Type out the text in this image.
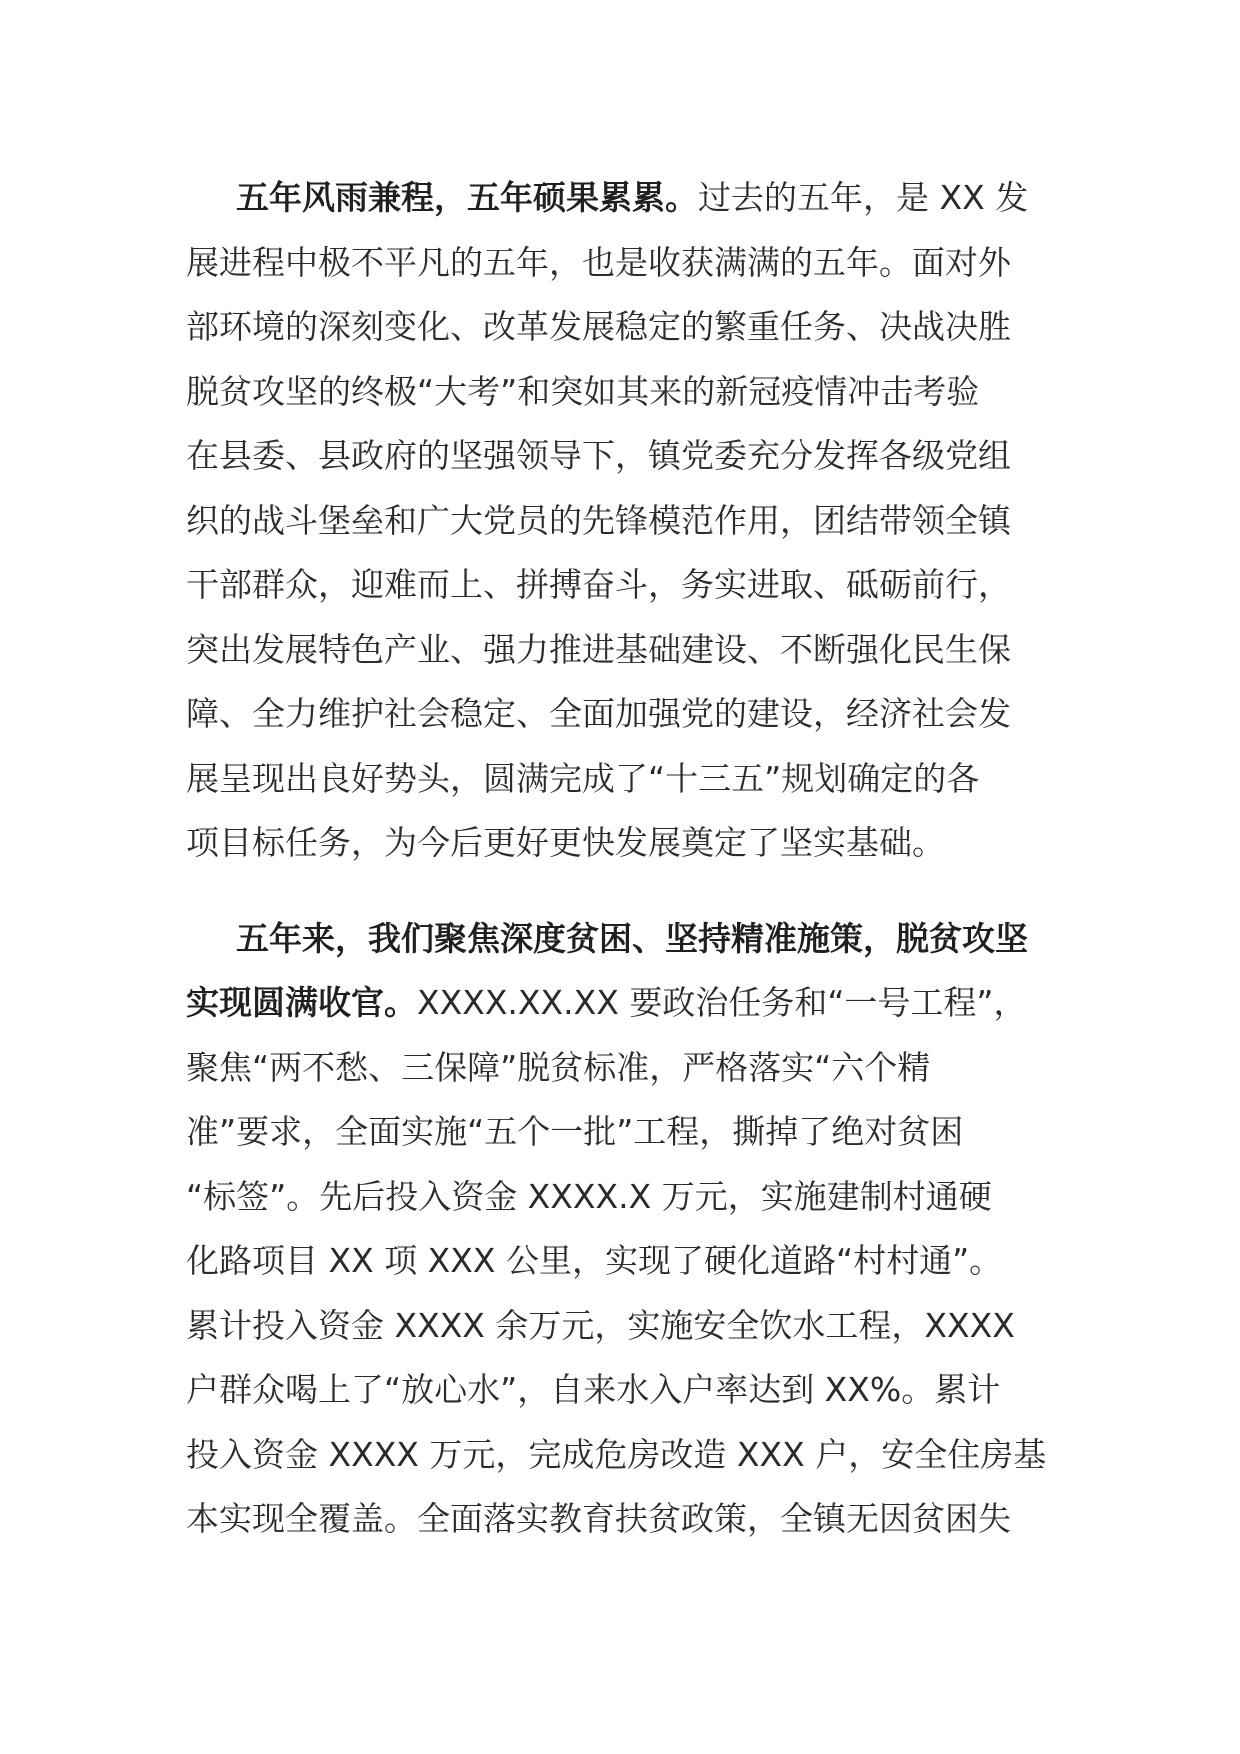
五年风雨兼程，五年硕果累累。过去的五年，是 XX 发
展进程中极不平凡的五年，也是收获满满的五年。面对外
部环境的深刻变化、改革发展稳定的繁重任务、决战决胜
脱贫攻坚的终极“大考”和突如其来的新冠疫情冲击考验
在县委、县政府的坚强领导下，镇党委充分发挥各级党组
织的战斗堡垒和广大党员的先锋模范作用，团结带领全镇
干部群众，迎难而上、拼搏奋斗，务实进取、砥砺前行，
突出发展特色产业、强力推进基础建设、不断强化民生保
障、全力维护社会稳定、全面加强党的建设，经济社会发
展呈现出良好势头，圆满完成了“十三五”规划确定的各
项目标任务，为今后更好更快发展奠定了坚实基础。
五年来，我们聚焦深度贫困、坚持精准施策，脱贫攻坚
实现圆满收官。XXXX.XX.XX 要政治任务和“一号工程”，
聚焦“两不愁、三保障”脱贫标准，严格落实“六个精
准”要求，全面实施“五个一批”工程，撕掉了绝对贫困
“标签”。先后投入资金 XXXX.X 万元，实施建制村通硬
化路项目 XX 项 XXX 公里，实现了硬化道路“村村通”。
累计投入资金 XXXX 余万元，实施安全饮水工程，XXXX
户群众喝上了“放心水”，自来水入户率达到 XX%。累计
投入资金 XXXX 万元，完成危房改造 XXX 户，安全住房基
本实现全覆盖。全面落实教育扶贫政策，全镇无因贫困失
